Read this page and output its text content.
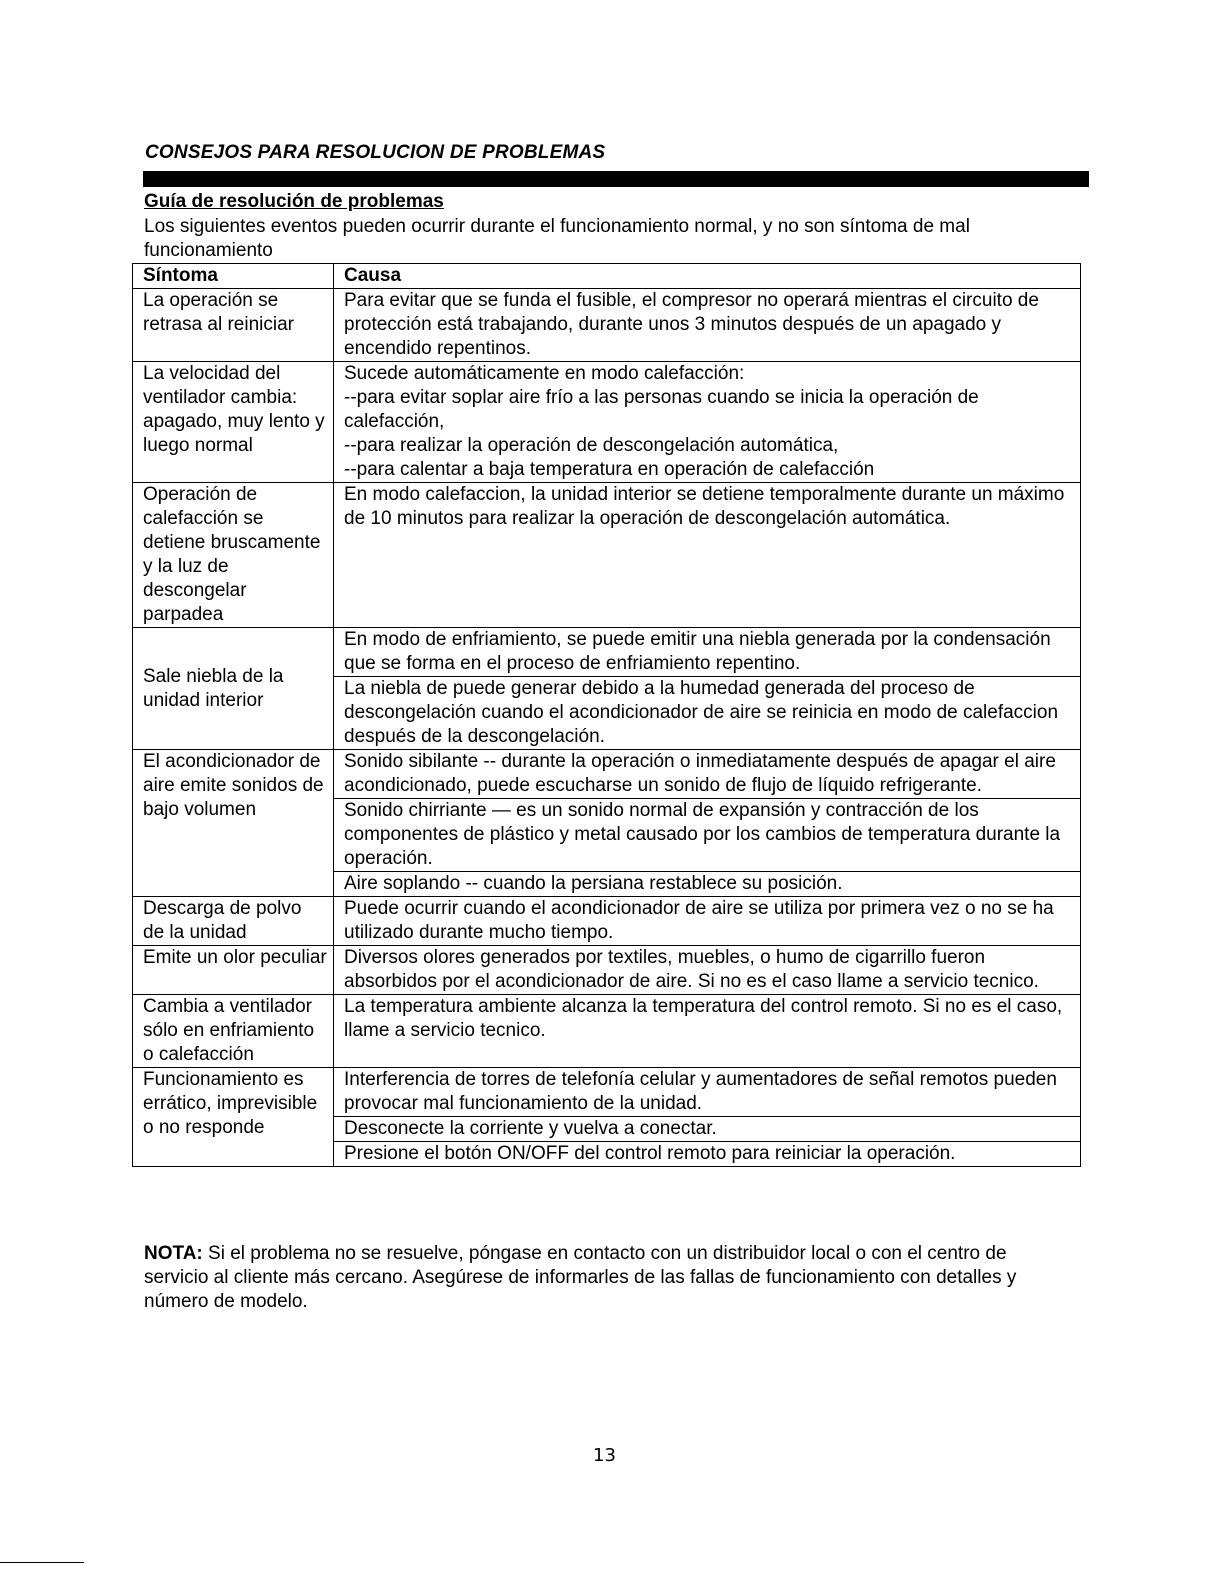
CONSEJOS PARA RESOLUCION DE PROBLEMAS
Guía de resolución de problemas
Los siguientes eventos pueden ocurrir durante el funcionamiento normal, y no son síntoma de mal funcionamiento
Síntoma	Causa
La operación se retrasa al reiniciar	Para evitar que se funda el fusible, el compresor no operará mientras el circuito de protección está trabajando, durante unos 3 minutos después de un apagado y encendido repentinos.
La velocidad del ventilador cambia: apagado, muy lento y luego normal	Sucede automáticamente en modo calefacción:
--para evitar soplar aire frío a las personas cuando se inicia la operación de calefacción,
--para realizar la operación de descongelación automática,
--para calentar a baja temperatura en operación de calefacción

Operación de calefacción se detiene bruscamente y la luz de descongelar parpadea	En modo calefaccion, la unidad interior se detiene temporalmente durante un máximo de 10 minutos para realizar la operación de descongelación automática.
Sale niebla de la unidad interior	En modo de enfriamiento, se puede emitir una niebla generada por la condensación que se forma en el proceso de enfriamiento repentino.
	La niebla de puede generar debido a la humedad generada del proceso de descongelación cuando el acondicionador de aire se reinicia en modo de calefaccion después de la descongelación.
El acondicionador de aire emite sonidos de bajo volumen	Sonido sibilante -- durante la operación o inmediatamente después de apagar el aire acondicionado, puede escucharse un sonido de flujo de líquido refrigerante.
	Sonido chirriante — es un sonido normal de expansión y contracción de los componentes de plástico y metal causado por los cambios de temperatura durante la operación.
	Aire soplando -- cuando la persiana restablece su posición.
Descarga de polvo de la unidad	Puede ocurrir cuando el acondicionador de aire se utiliza por primera vez o no se ha utilizado durante mucho tiempo.
Emite un olor peculiar	Diversos olores generados por textiles, muebles, o humo de cigarrillo fueron absorbidos por el acondicionador de aire. Si no es el caso llame a servicio tecnico.
Cambia a ventilador sólo en enfriamiento o calefacción	La temperatura ambiente alcanza la temperatura del control remoto. Si no es el caso, llame a servicio tecnico.
Funcionamiento es errático, imprevisible o no responde	Interferencia de torres de telefonía celular y aumentadores de señal remotos pueden provocar mal funcionamiento de la unidad.
	Desconecte la corriente y vuelva a conectar.
	Presione el botón ON/OFF del control remoto para reiniciar la operación.
NOTA: Si el problema no se resuelve, póngase en contacto con un distribuidor local o con el centro de servicio al cliente más cercano. Asegúrese de informarles de las fallas de funcionamiento con detalles y número de modelo.
13
